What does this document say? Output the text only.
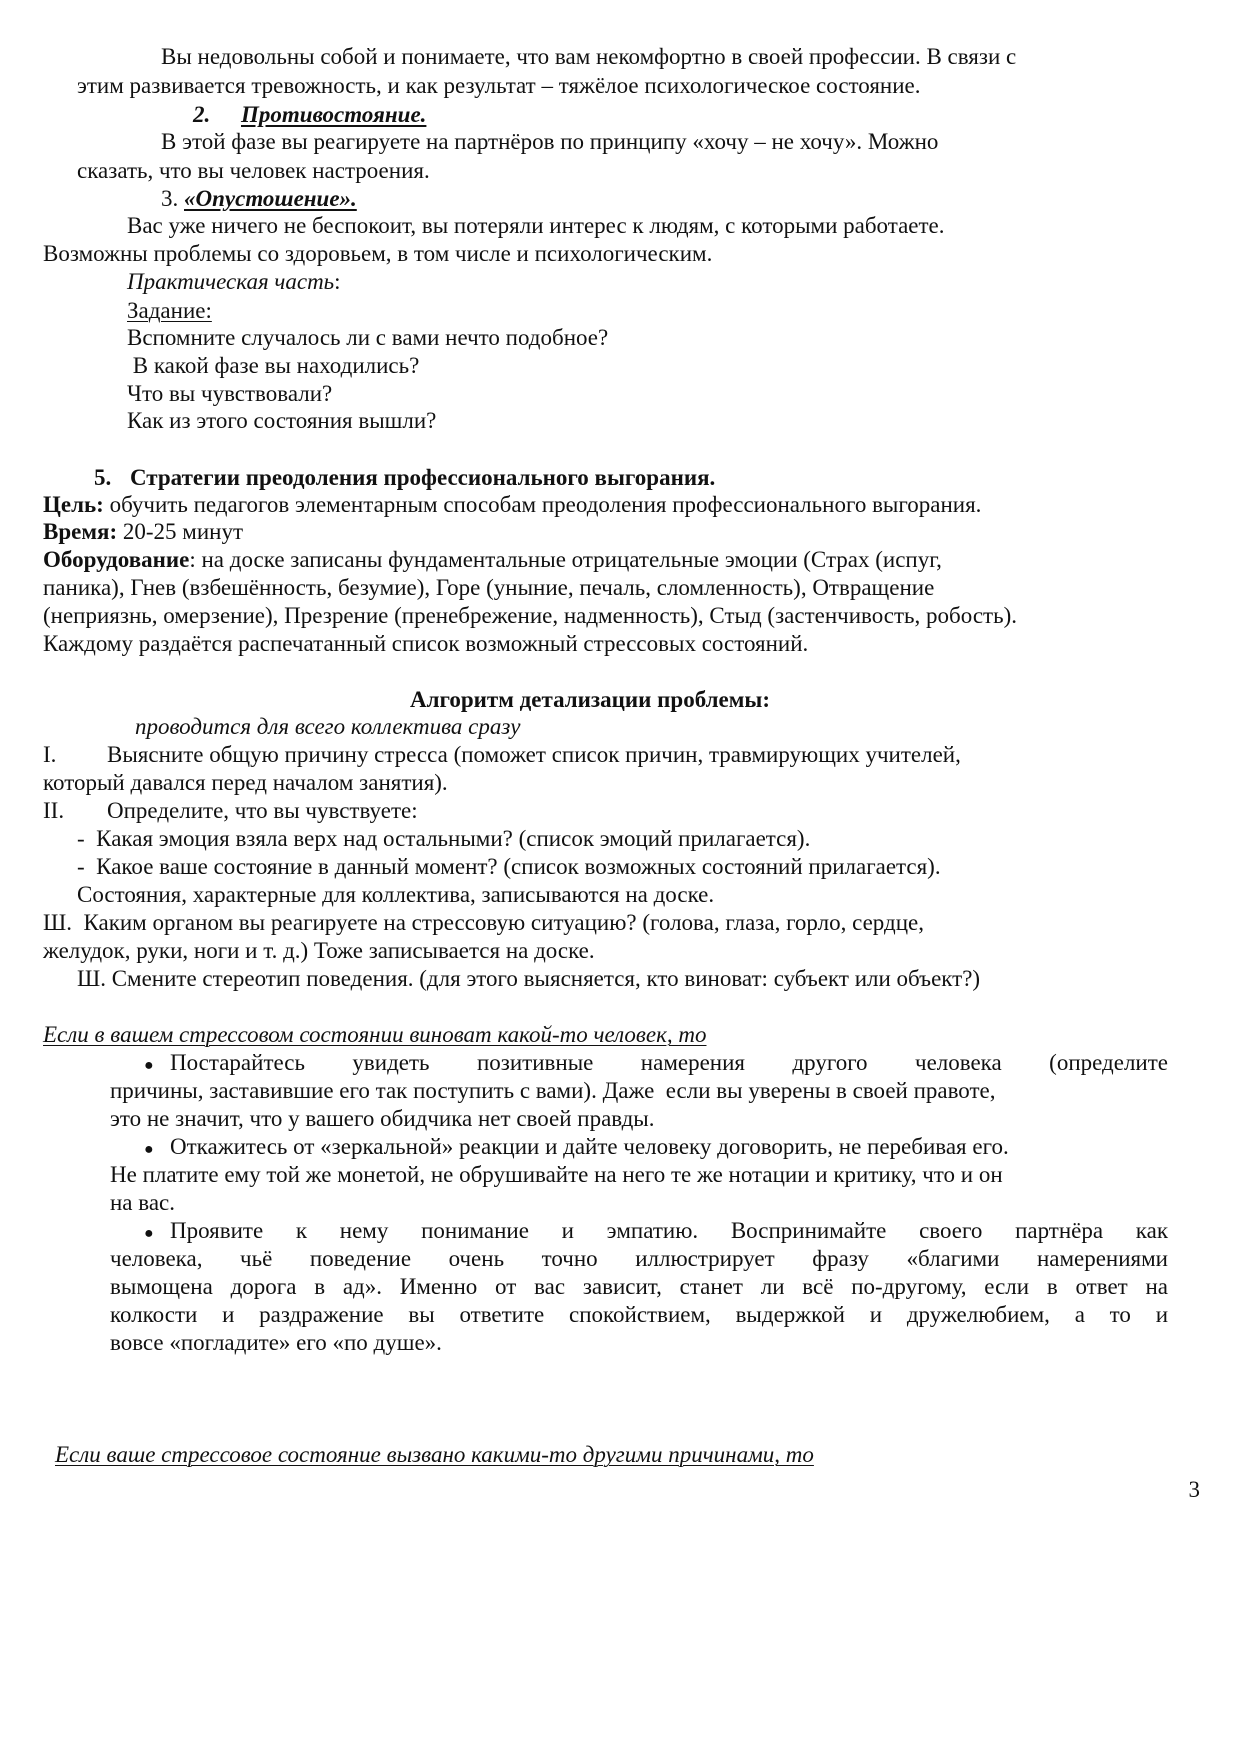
Вы недовольны собой и понимаете, что вам некомфортно в своей профессии. В связи с
этим развивается тревожность, и как результат – тяжёлое психологическое состояние.
2. Противостояние.
В этой фазе вы реагируете на партнёров по принципу «хочу – не хочу». Можно
сказать, что вы человек настроения.
3. «Опустошение».
Вас уже ничего не беспокоит, вы потеряли интерес к людям, с которыми работаете.
Возможны проблемы со здоровьем, в том числе и психологическим.
Практическая часть:
Задание:
Вспомните случалось ли с вами нечто подобное?
В какой фазе вы находились?
Что вы чувствовали?
Как из этого состояния вышли?
5. Стратегии преодоления профессионального выгорания.
Цель: обучить педагогов элементарным способам преодоления профессионального выгорания.
Время: 20-25 минут
Оборудование: на доске записаны фундаментальные отрицательные эмоции (Страх (испуг,
паника), Гнев (взбешённость, безумие), Горе (уныние, печаль, сломленность), Отвращение
(неприязнь, омерзение), Презрение (пренебрежение, надменность), Стыд (застенчивость, робость).
Каждому раздаётся распечатанный список возможный стрессовых состояний.
Алгоритм детализации проблемы:
проводится для всего коллектива сразу
I. Выясните общую причину стресса (поможет список причин, травмирующих учителей,
который давался перед началом занятия).
II. Определите, что вы чувствуете:
-  Какая эмоция взяла верх над остальными? (список эмоций прилагается).
-  Какое ваше состояние в данный момент? (список возможных состояний прилагается).
Состояния, характерные для коллектива, записываются на доске.
Ш.  Каким органом вы реагируете на стрессовую ситуацию? (голова, глаза, горло, сердце,
желудок, руки, ноги и т. д.) Тоже записывается на доске.
Ш. Смените стереотип поведения. (для этого выясняется, кто виноват: субъект или объект?)
Если в вашем стрессовом состоянии виноват какой-то человек, то
● Постарайтесь увидеть позитивные намерения другого человека (определите
причины, заставившие его так поступить с вами). Даже  если вы уверены в своей правоте,
это не значит, что у вашего обидчика нет своей правды.
● Откажитесь от «зеркальной» реакции и дайте человеку договорить, не перебивая его.
Не платите ему той же монетой, не обрушивайте на него те же нотации и критику, что и он
на вас.
● Проявите к нему понимание и эмпатию. Воспринимайте своего партнёра как
человека, чьё поведение очень точно иллюстрирует фразу «благими намерениями
вымощена дорога в ад». Именно от вас зависит, станет ли всё по-другому, если в ответ на
колкости и раздражение вы ответите спокойствием, выдержкой и дружелюбием, а то и
вовсе «погладите» его «по душе».
Если ваше стрессовое состояние вызвано какими-то другими причинами, то
3
